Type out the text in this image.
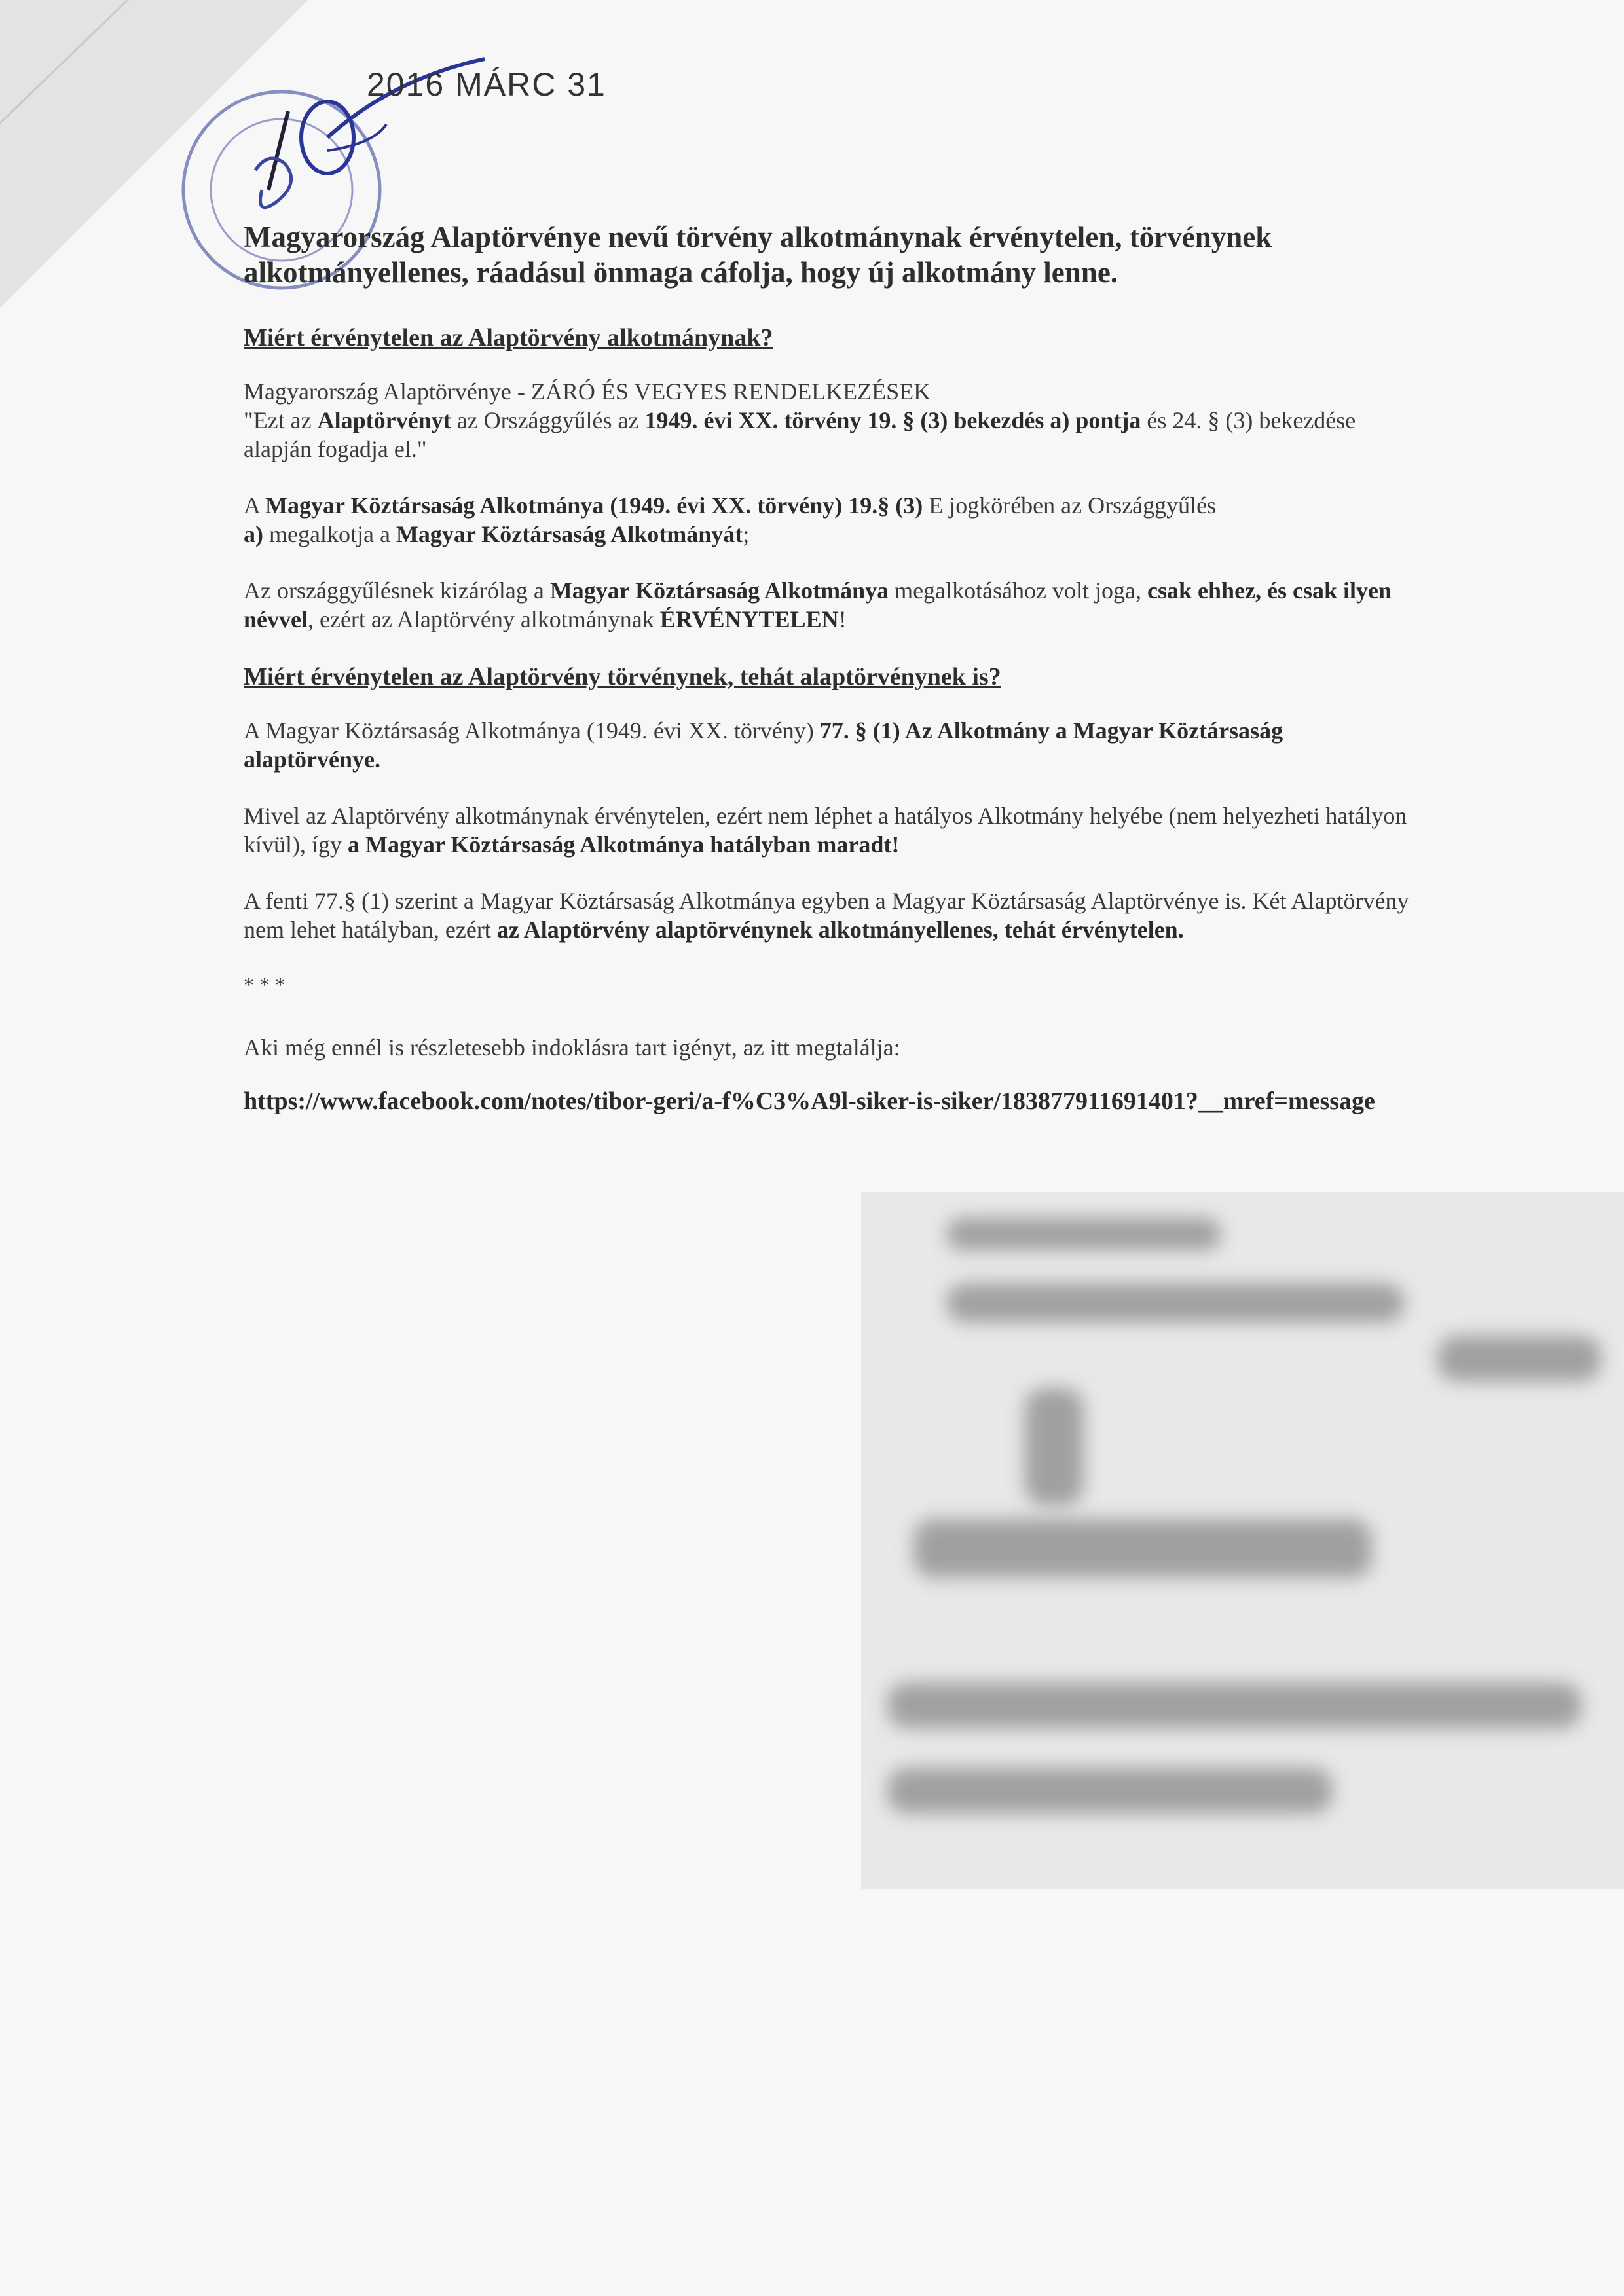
2016 MÁRC 31
Magyarország Alaptörvénye nevű törvény alkotmánynak érvénytelen, törvénynek alkotmányellenes, ráadásul önmaga cáfolja, hogy új alkotmány lenne.
Miért érvénytelen az Alaptörvény alkotmánynak?

Magyarország Alaptörvénye - ZÁRÓ ÉS VEGYES RENDELKEZÉSEK
"Ezt az Alaptörvényt az Országgyűlés az 1949. évi XX. törvény 19. § (3) bekezdés a) pontja és 24. § (3) bekezdése alapján fogadja el."

A Magyar Köztársaság Alkotmánya (1949. évi XX. törvény) 19.§ (3) E jogkörében az Országgyűlés
a) megalkotja a Magyar Köztársaság Alkotmányát;

Az országgyűlésnek kizárólag a Magyar Köztársaság Alkotmánya megalkotásához volt joga, csak ehhez, és csak ilyen névvel, ezért az Alaptörvény alkotmánynak ÉRVÉNYTELEN!

Miért érvénytelen az Alaptörvény törvénynek, tehát alaptörvénynek is?

A Magyar Köztársaság Alkotmánya (1949. évi XX. törvény) 77. § (1) Az Alkotmány a Magyar Köztársaság alaptörvénye.

Mivel az Alaptörvény alkotmánynak érvénytelen, ezért nem léphet a hatályos Alkotmány helyébe (nem helyezheti hatályon kívül), így a Magyar Köztársaság Alkotmánya hatályban maradt!

A fenti 77.§ (1) szerint a Magyar Köztársaság Alkotmánya egyben a Magyar Köztársaság Alaptörvénye is. Két Alaptörvény nem lehet hatályban, ezért az Alaptörvény alaptörvénynek alkotmányellenes, tehát érvénytelen.

* * *

Aki még ennél is részletesebb indoklásra tart igényt, az itt megtalálja:

https://www.facebook.com/notes/tibor-geri/a-f%C3%A9l-siker-is-siker/183877911691401?__mref=message
